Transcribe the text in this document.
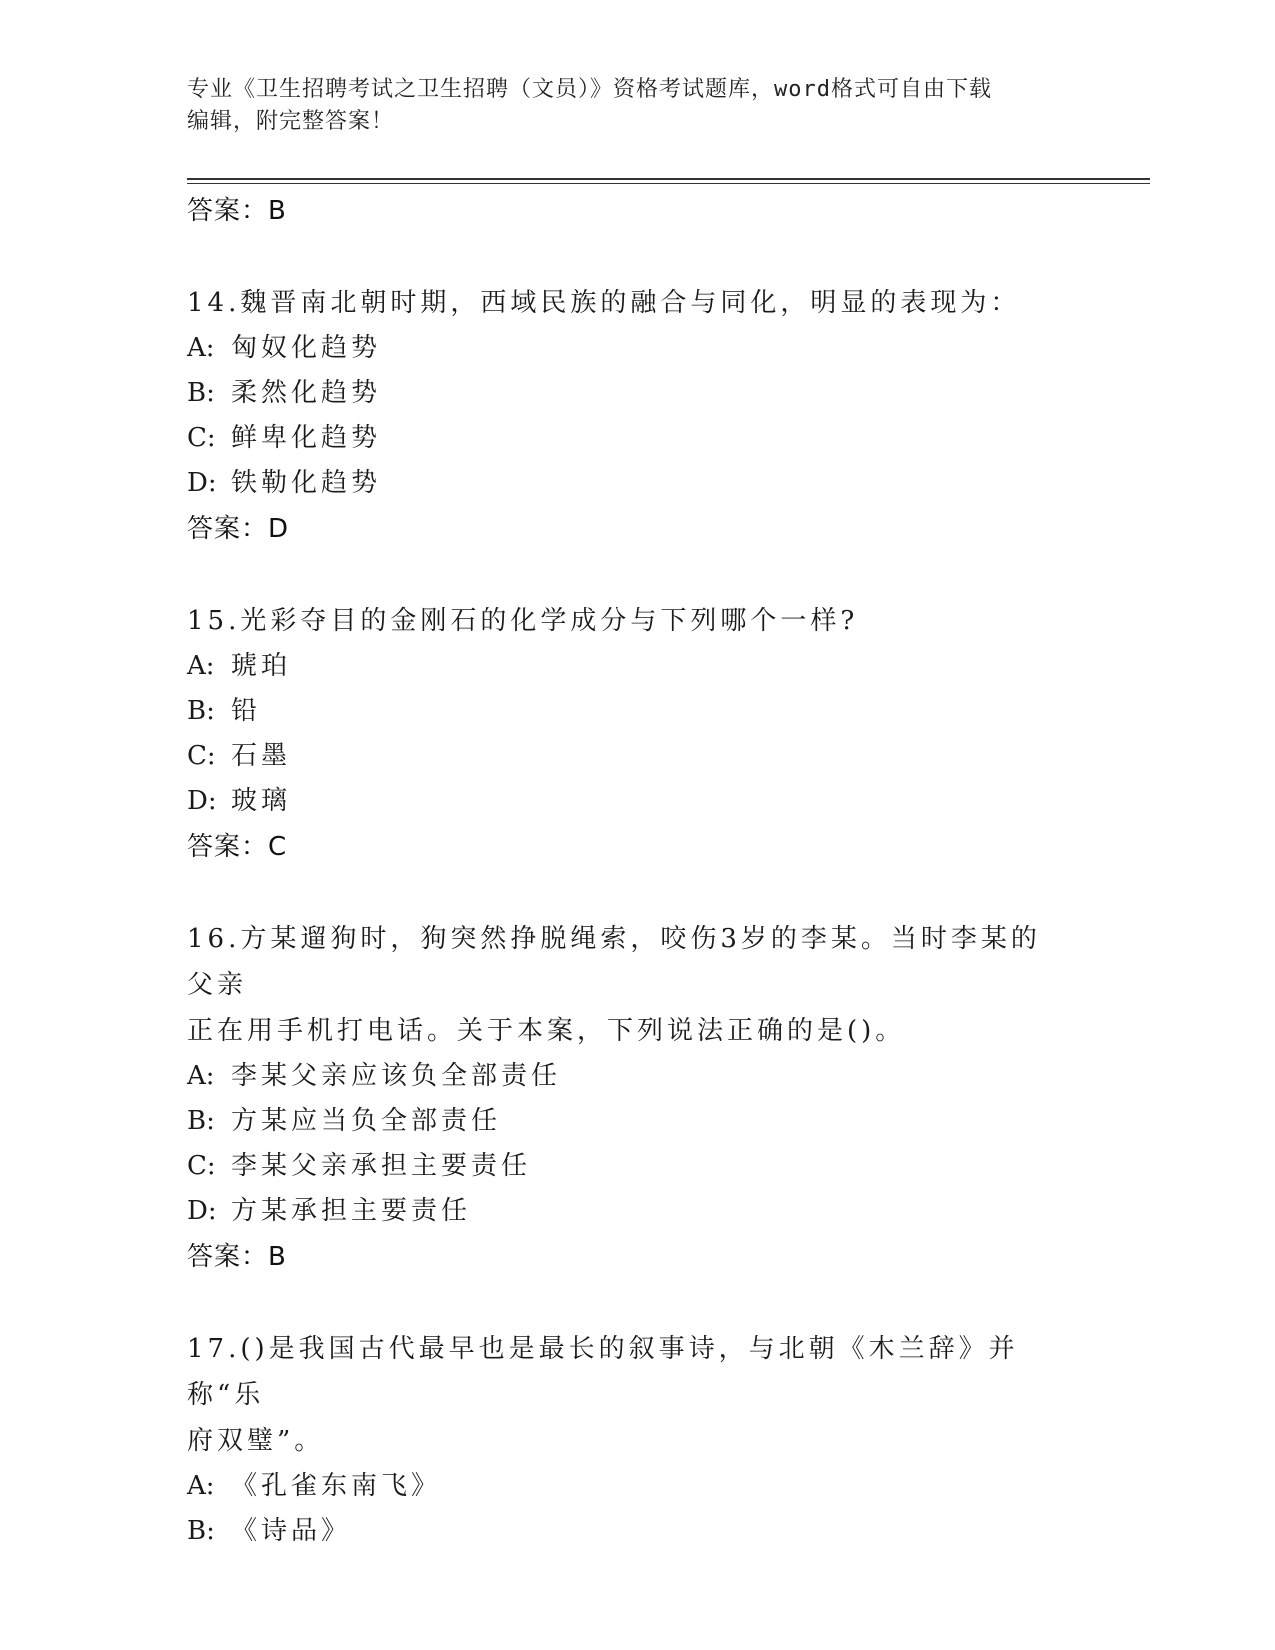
专业《卫生招聘考试之卫生招聘（文员）》资格考试题库，word格式可自由下载
编辑，附完整答案！
答案：B
14.魏晋南北朝时期，西域民族的融合与同化，明显的表现为：
A: 匈奴化趋势
B: 柔然化趋势
C: 鲜卑化趋势
D: 铁勒化趋势
答案：D
15.光彩夺目的金刚石的化学成分与下列哪个一样?
A: 琥珀
B: 铅
C: 石墨
D: 玻璃
答案：C
16.方某遛狗时，狗突然挣脱绳索，咬伤3岁的李某。当时李某的父亲
正在用手机打电话。关于本案，下列说法正确的是()。
A: 李某父亲应该负全部责任
B: 方某应当负全部责任
C: 李某父亲承担主要责任
D: 方某承担主要责任
答案：B
17.()是我国古代最早也是最长的叙事诗，与北朝《木兰辞》并称“乐
府双璧”。
A: 《孔雀东南飞》
B: 《诗品》
